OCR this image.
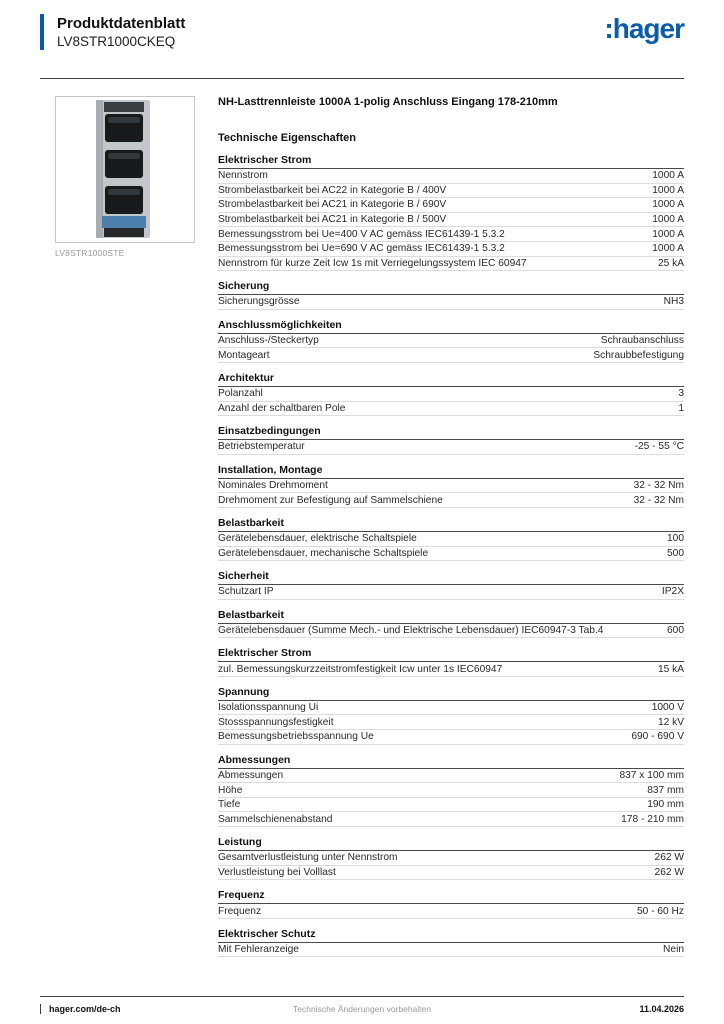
Produktdatenblatt
LV8STR1000CKEQ	:hager
LV8STR1000STE
NH-Lasttrennleiste 1000A 1-polig Anschluss Eingang 178-210mm
Technische Eigenschaften
Elektrischer Strom
Nennstrom	1000 A
Strombelastbarkeit bei AC22 in Kategorie B / 400V	1000 A
Strombelastbarkeit bei AC21 in Kategorie B / 690V	1000 A
Strombelastbarkeit bei AC21 in Kategorie B / 500V	1000 A
Bemessungsstrom bei Ue=400 V AC gemäss IEC61439-1 5.3.2	1000 A
Bemessungsstrom bei Ue=690 V AC gemäss IEC61439-1 5.3.2	1000 A
Nennstrom für kurze Zeit Icw 1s mit Verriegelungssystem IEC 60947	25 kA
Sicherung
Sicherungsgrösse	NH3
Anschlussmöglichkeiten
Anschluss-/Steckertyp	Schraubanschluss
Montageart	Schraubbefestigung
Architektur
Polanzahl	3
Anzahl der schaltbaren Pole	1
Einsatzbedingungen
Betriebstemperatur	-25 - 55 °C
Installation, Montage
Nominales Drehmoment	32 - 32 Nm
Drehmoment zur Befestigung auf Sammelschiene	32 - 32 Nm
Belastbarkeit
Gerätelebensdauer, elektrische Schaltspiele	100
Gerätelebensdauer, mechanische Schaltspiele	500
Sicherheit
Schutzart IP	IP2X
Belastbarkeit
Gerätelebensdauer (Summe Mech.- und Elektrische Lebensdauer) IEC60947-3 Tab.4	600
Elektrischer Strom
zul. Bemessungskurzzeitstromfestigkeit Icw unter 1s IEC60947	15 kA
Spannung
Isolationsspannung Ui	1000 V
Stossspannungsfestigkeit	12 kV
Bemessungsbetriebsspannung Ue	690 - 690 V
Abmessungen
Abmessungen	837 x 100 mm
Höhe	837 mm
Tiefe	190 mm
Sammelschienenabstand	178 - 210 mm
Leistung
Gesamtverlustleistung unter Nennstrom	262 W
Verlustleistung bei Volllast	262 W
Frequenz
Frequenz	50 - 60 Hz
Elektrischer Schutz
Mit Fehleranzeige	Nein
hager.com/de-ch	Technische Änderungen vorbehalten	11.04.2026
